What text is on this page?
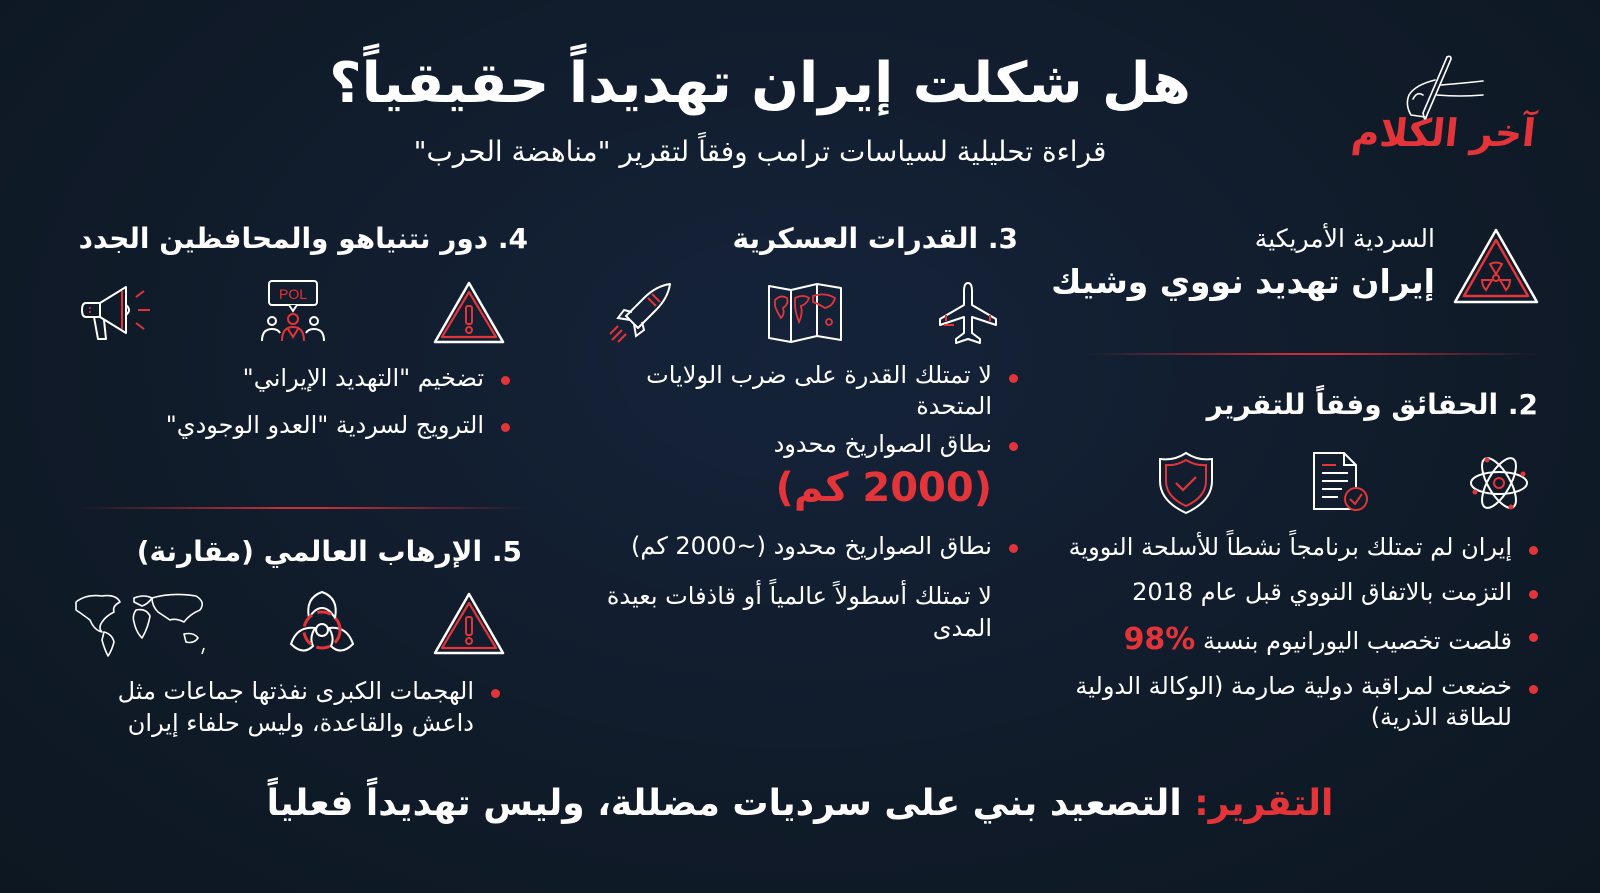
آخر الكلام
هل شكلت إيران تهديداً حقيقياً؟
قراءة تحليلية لسياسات ترامب وفقاً لتقرير "مناهضة الحرب"
السردية الأمريكية
إيران تهديد نووي وشيك
2. الحقائق وفقاً للتقرير
إيران لم تمتلك برنامجاً نشطاً للأسلحة النووية
التزمت بالاتفاق النووي قبل عام 2018
قلصت تخصيب اليورانيوم بنسبة 98%
خضعت لمراقبة دولية صارمة (الوكالة الدولية للطاقة الذرية)
3. القدرات العسكرية
لا تمتلك القدرة على ضرب الولايات المتحدة
نطاق الصواريخ محدود
(2000 كم)
نطاق الصواريخ محدود (~2000 كم)
لا تمتلك أسطولاً عالمياً أو قاذفات بعيدة المدى
4. دور نتنياهو والمحافظين الجدد
POL
تضخيم "التهديد الإيراني"
الترويج لسردية "العدو الوجودي"
5. الإرهاب العالمي (مقارنة)
الهجمات الكبرى نفذتها جماعات مثل داعش والقاعدة، وليس حلفاء إيران
التقرير: التصعيد بني على سرديات مضللة، وليس تهديداً فعلياً
